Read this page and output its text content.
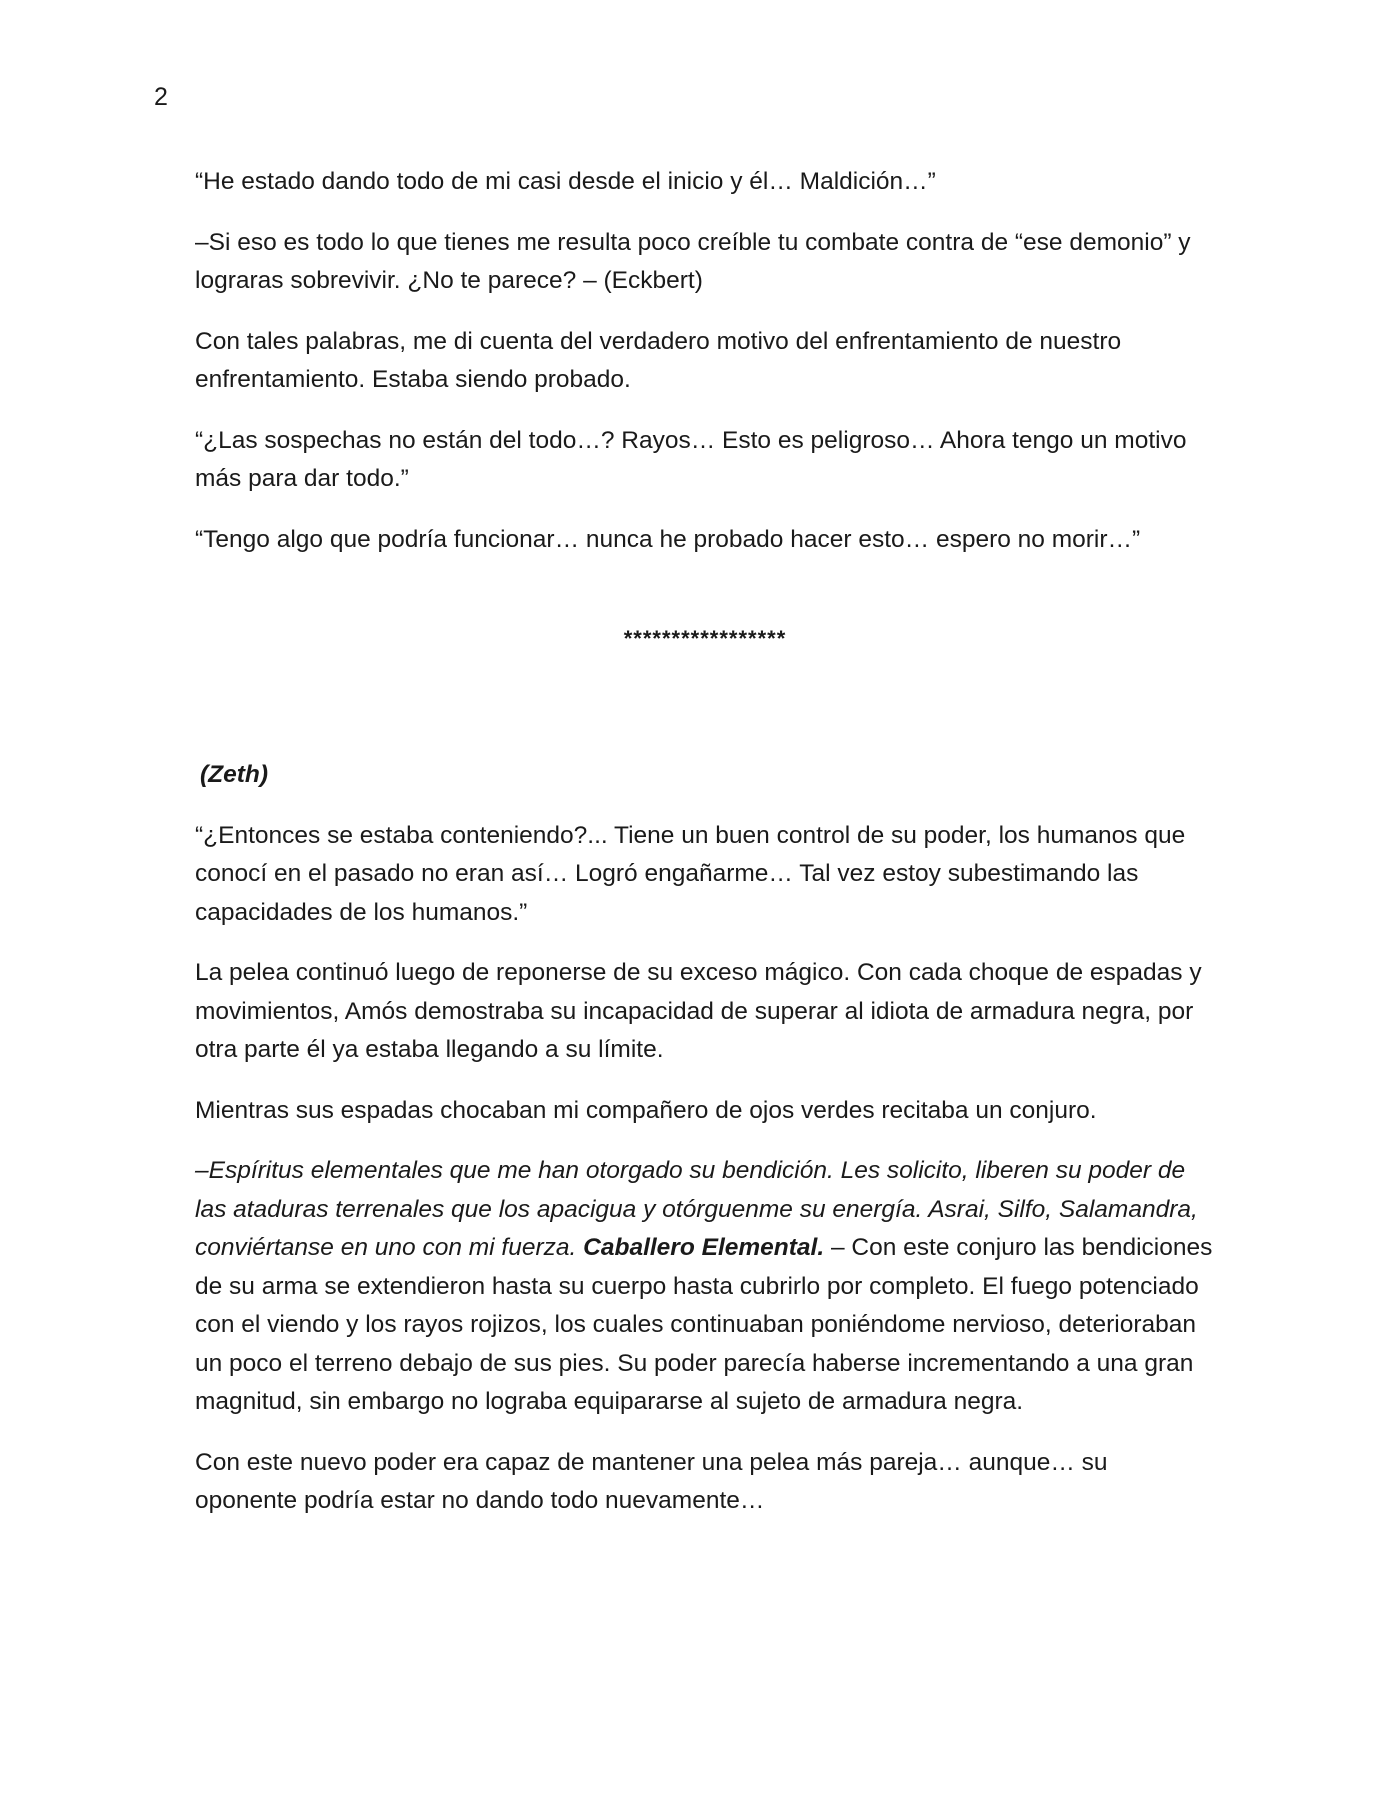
2

“He estado dando todo de mi casi desde el inicio y él… Maldición…”

–Si eso es todo lo que tienes me resulta poco creíble tu combate contra de “ese demonio” y lograras sobrevivir. ¿No te parece? – (Eckbert)

Con tales palabras, me di cuenta del verdadero motivo del enfrentamiento de nuestro enfrentamiento. Estaba siendo probado.

“¿Las sospechas no están del todo…? Rayos… Esto es peligroso… Ahora tengo un motivo más para dar todo.”

“Tengo algo que podría funcionar… nunca he probado hacer esto… espero no morir…”

*****************

(Zeth)

“¿Entonces se estaba conteniendo?... Tiene un buen control de su poder, los humanos que conocí en el pasado no eran así… Logró engañarme… Tal vez estoy subestimando las capacidades de los humanos.”

La pelea continuó luego de reponerse de su exceso mágico. Con cada choque de espadas y movimientos, Amós demostraba su incapacidad de superar al idiota de armadura negra, por otra parte él ya estaba llegando a su límite.

Mientras sus espadas chocaban mi compañero de ojos verdes recitaba un conjuro.

–Espíritus elementales que me han otorgado su bendición. Les solicito, liberen su poder de las ataduras terrenales que los apacigua y otórguenme su energía. Asrai, Silfo, Salamandra, conviértanse en uno con mi fuerza. Caballero Elemental. – Con este conjuro las bendiciones de su arma se extendieron hasta su cuerpo hasta cubrirlo por completo. El fuego potenciado con el viendo y los rayos rojizos, los cuales continuaban poniéndome nervioso, deterioraban un poco el terreno debajo de sus pies. Su poder parecía haberse incrementando a una gran magnitud, sin embargo no lograba equipararse al sujeto de armadura negra.

Con este nuevo poder era capaz de mantener una pelea más pareja… aunque… su oponente podría estar no dando todo nuevamente…
